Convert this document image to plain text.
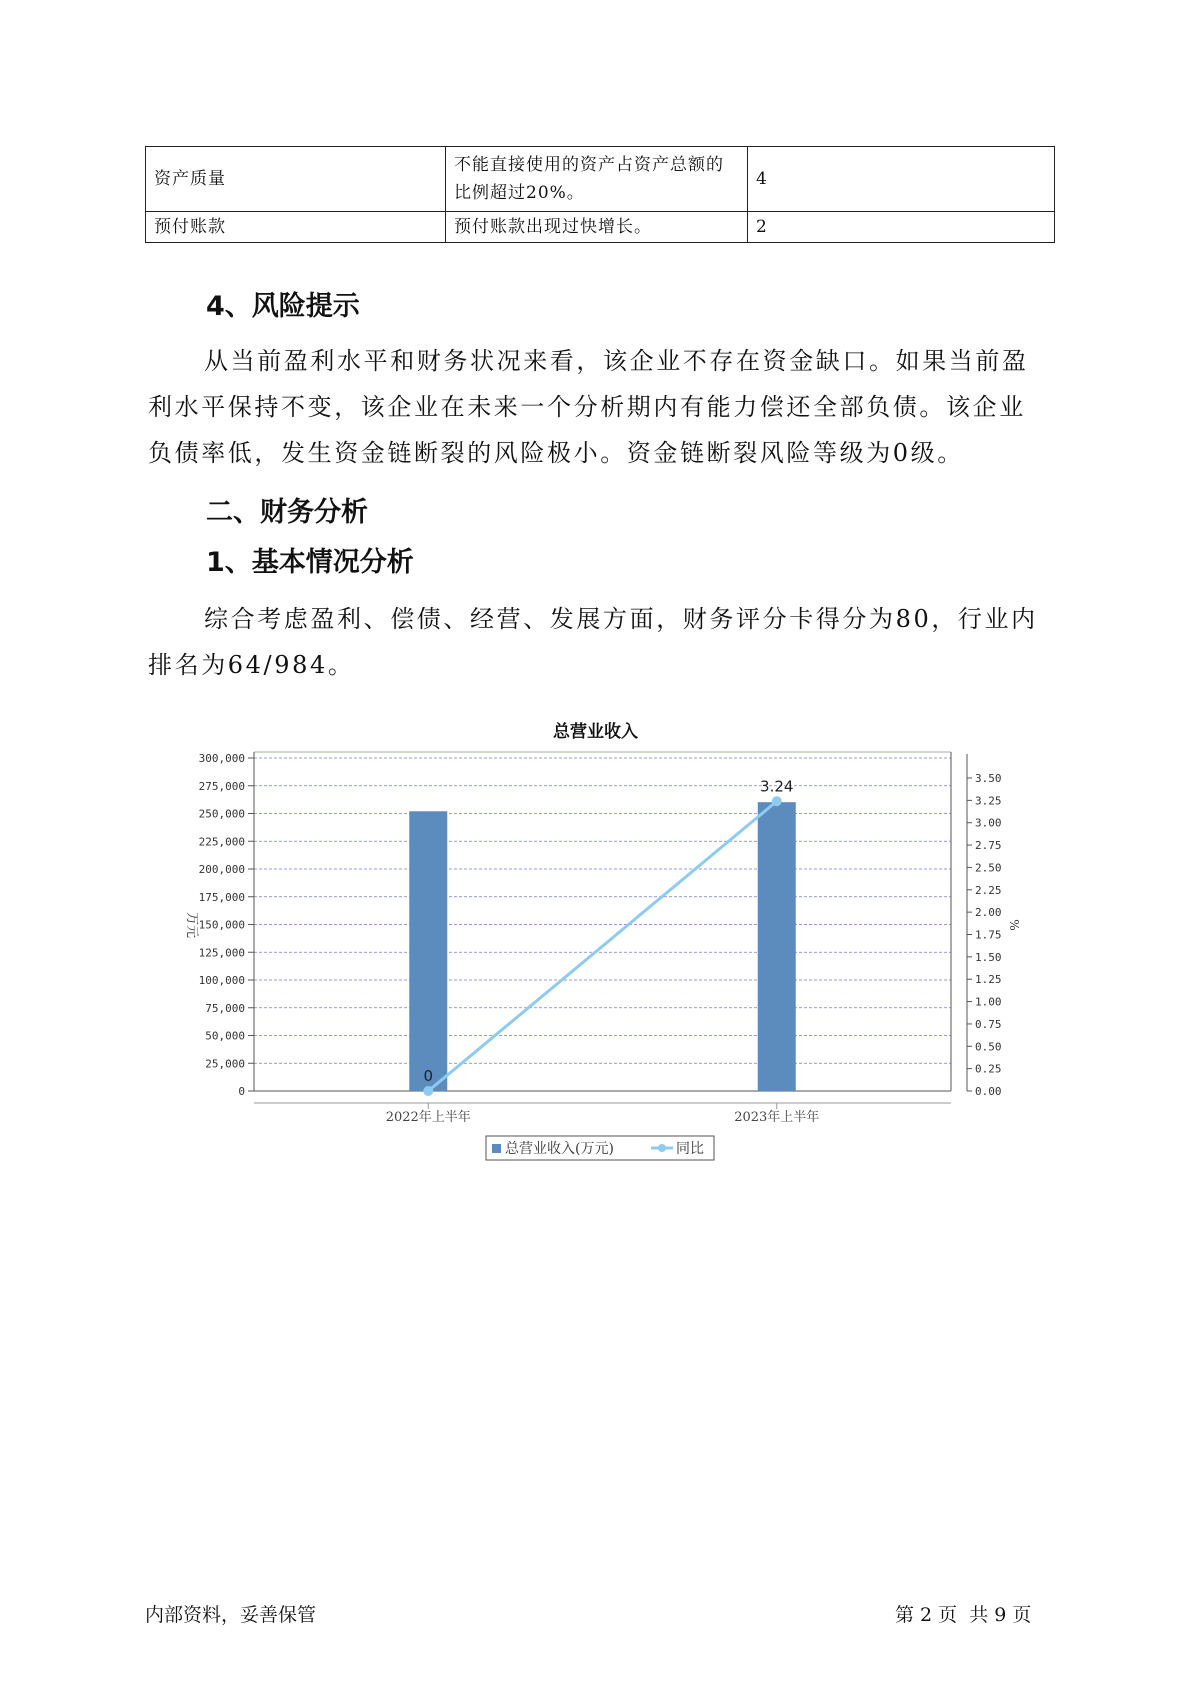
资产质量	不能直接使用的资产占资产总额的比例超过20%。	4
预付账款	预付账款出现过快增长。	2
4、风险提示
从当前盈利水平和财务状况来看，该企业不存在资金缺口。如果当前盈利水平保持不变，该企业在未来一个分析期内有能力偿还全部负债。该企业负债率低，发生资金链断裂的风险极小。资金链断裂风险等级为0级。
二、财务分析
1、基本情况分析
综合考虑盈利、偿债、经营、发展方面，财务评分卡得分为80，行业内排名为64/984。
总营业收入
300,000
275,000
250,000
225,000
200,000
175,000
150,000
125,000
100,000
75,000
50,000
25,000
0
3.50
3.25
3.00
2.75
2.50
2.25
2.00
1.75
1.50
1.25
1.00
0.75
0.50
0.25
0.00
万元	%
2022年上半年	2023年上半年
0
3.24
总营业收入(万元)	同比
内部资料，妥善保管	第 2 页  共 9 页
